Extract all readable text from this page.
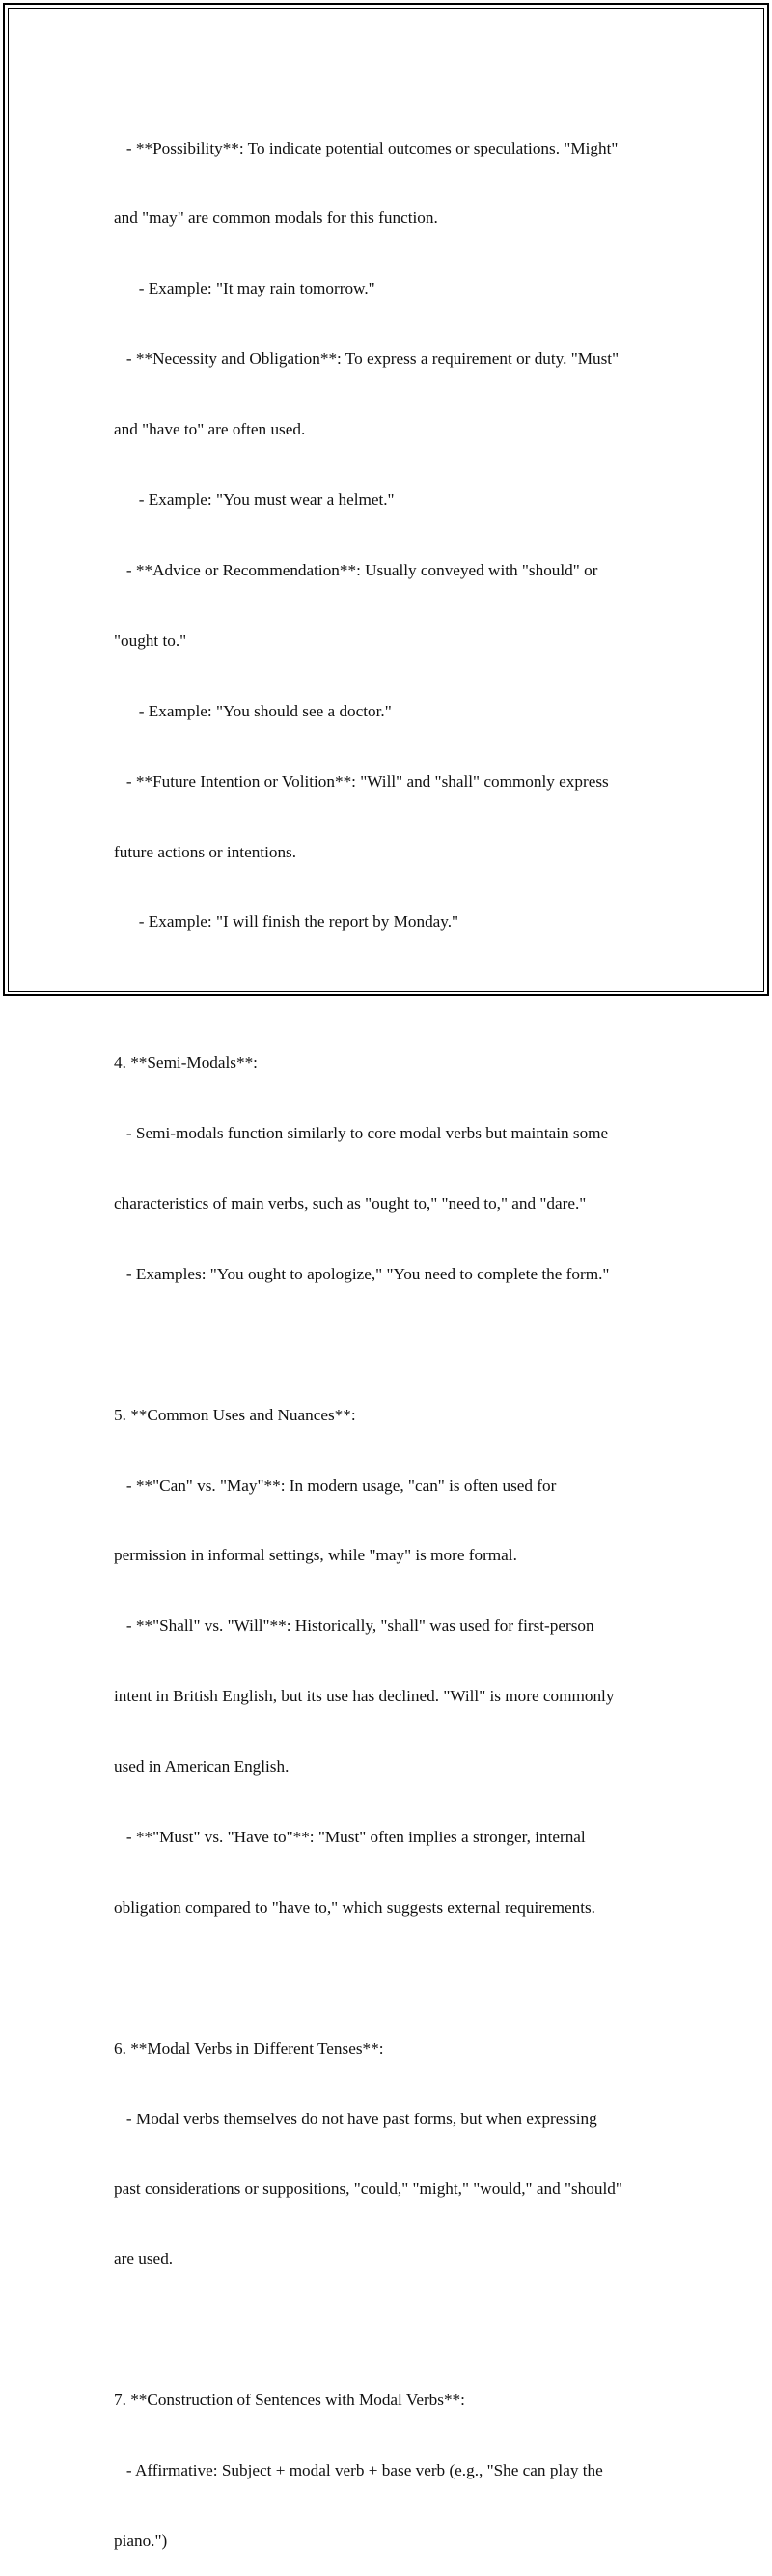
- **Possibility**: To indicate potential outcomes or speculations. "Might"

and "may" are common modals for this function.

- Example: "It may rain tomorrow."

- **Necessity and Obligation**: To express a requirement or duty. "Must"

and "have to" are often used.

- Example: "You must wear a helmet."

- **Advice or Recommendation**: Usually conveyed with "should" or

"ought to."

- Example: "You should see a doctor."

- **Future Intention or Volition**: "Will" and "shall" commonly express

future actions or intentions.

- Example: "I will finish the report by Monday."

4. **Semi-Modals**:

- Semi-modals function similarly to core modal verbs but maintain some

characteristics of main verbs, such as "ought to," "need to," and "dare."

- Examples: "You ought to apologize," "You need to complete the form."

5. **Common Uses and Nuances**:

- **"Can" vs. "May"**: In modern usage, "can" is often used for

permission in informal settings, while "may" is more formal.

- **"Shall" vs. "Will"**: Historically, "shall" was used for first-person

intent in British English, but its use has declined. "Will" is more commonly

used in American English.

- **"Must" vs. "Have to"**: "Must" often implies a stronger, internal

obligation compared to "have to," which suggests external requirements.

6. **Modal Verbs in Different Tenses**:

- Modal verbs themselves do not have past forms, but when expressing

past considerations or suppositions, "could," "might," "would," and "should"

are used.

7. **Construction of Sentences with Modal Verbs**:

- Affirmative: Subject + modal verb + base verb (e.g., "She can play the

piano.")
